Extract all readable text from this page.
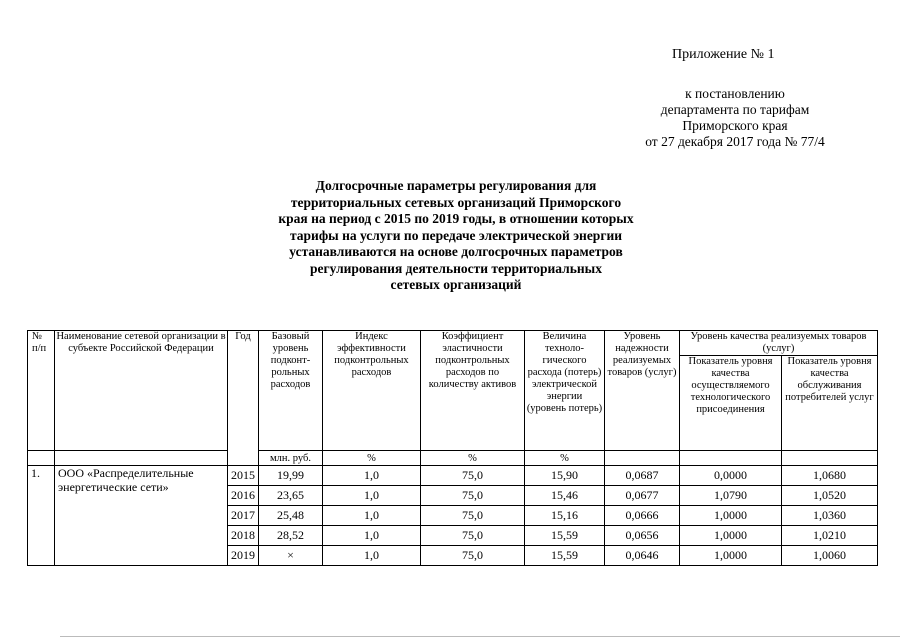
Приложение № 1
к постановлению
департамента по тарифам
Приморского края
от 27 декабря 2017 года № 77/4
Долгосрочные параметры регулирования для
территориальных сетевых организаций Приморского
края на период с 2015 по 2019 годы, в отношении которых
тарифы на услуги по передаче электрической энергии
устанавливаются на основе долгосрочных параметров
регулирования деятельности территориальных
сетевых организаций
№ п/п	Наименование сетевой организации в субъекте Российской Федерации	Год	Базовый уровень подконт-рольных расходов	Индекс эффективности подконтрольных расходов	Коэффициент эластичности подконтрольных расходов по количеству активов	Величина техноло-гического расхода (потерь) электрической энергии (уровень потерь)	Уровень надежности реализуемых товаров (услуг)	Уровень качества реализуемых товаров (услуг)	
								Показатель уровня качества осуществляемого технологического присоединения	Показатель уровня качества обслуживания потребителей услуг
			млн. руб.	%	%	%			
1.	ООО «Распределительные энергетические сети»	2015	19,99	1,0	75,0	15,90	0,0687	0,0000	1,0680
		2016	23,65	1,0	75,0	15,46	0,0677	1,0790	1,0520
		2017	25,48	1,0	75,0	15,16	0,0666	1,0000	1,0360
		2018	28,52	1,0	75,0	15,59	0,0656	1,0000	1,0210
		2019	×	1,0	75,0	15,59	0,0646	1,0000	1,0060
